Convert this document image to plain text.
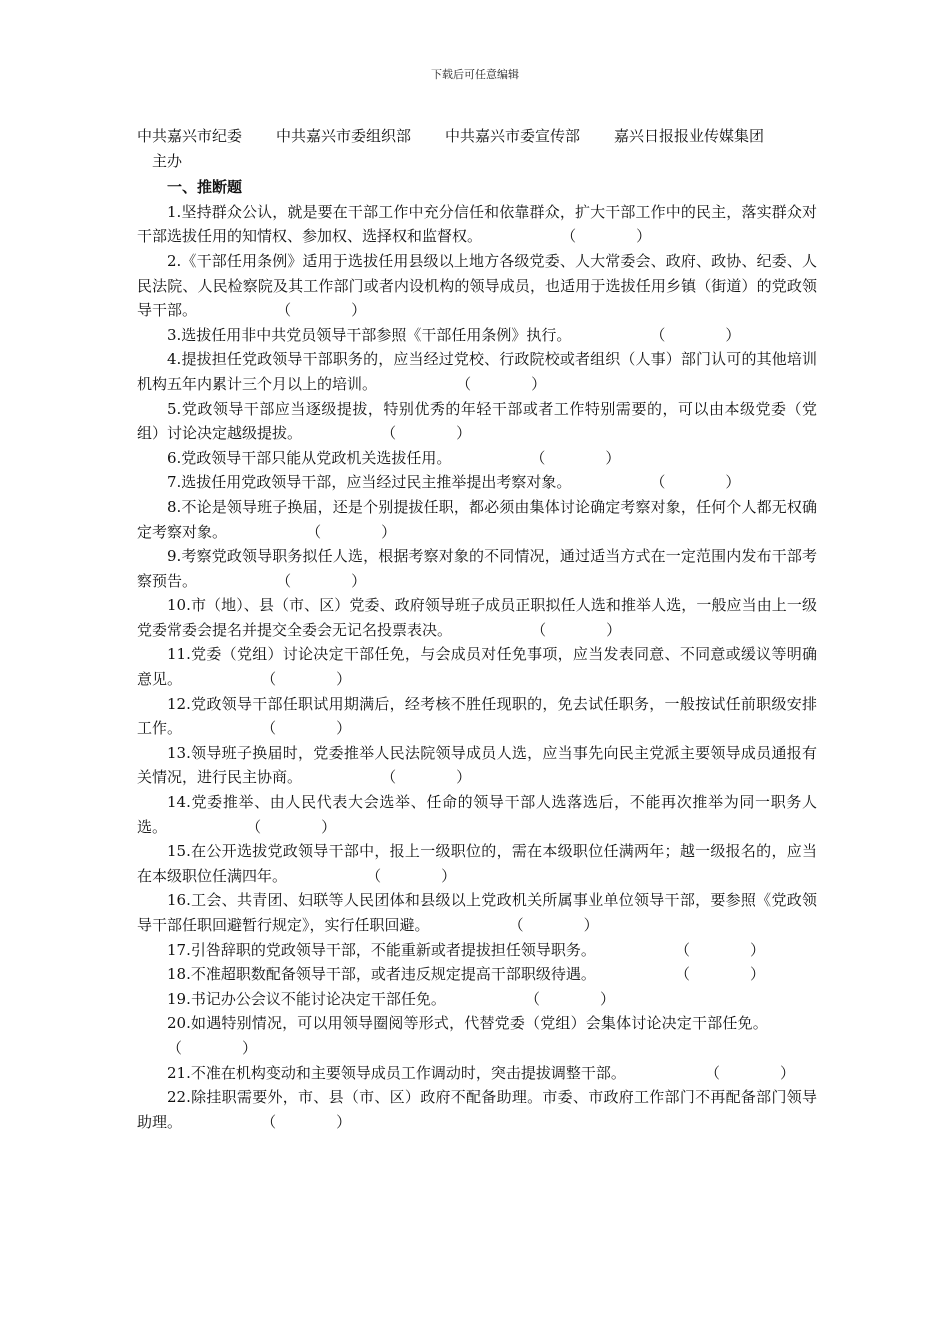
下载后可任意编辑
中共嘉兴市纪委 中共嘉兴市委组织部 中共嘉兴市委宣传部 嘉兴日报报业传媒集团
主办
一、推断题
1.坚持群众公认，就是要在干部工作中充分信任和依靠群众，扩大干部工作中的民主，落实群众对干部选拔任用的知情权、参加权、选择权和监督权。	（　　　　）
2.《干部任用条例》适用于选拔任用县级以上地方各级党委、人大常委会、政府、政协、纪委、人民法院、人民检察院及其工作部门或者内设机构的领导成员，也适用于选拔任用乡镇（街道）的党政领导干部。	（　　　　）
3.选拔任用非中共党员领导干部参照《干部任用条例》执行。	（　　　　）
4.提拔担任党政领导干部职务的，应当经过党校、行政院校或者组织（人事）部门认可的其他培训机构五年内累计三个月以上的培训。	（　　　　）
5.党政领导干部应当逐级提拔，特别优秀的年轻干部或者工作特别需要的，可以由本级党委（党组）讨论决定越级提拔。	（　　　　）
6.党政领导干部只能从党政机关选拔任用。	（　　　　）
7.选拔任用党政领导干部，应当经过民主推举提出考察对象。	（　　　　）
8.不论是领导班子换届，还是个别提拔任职，都必须由集体讨论确定考察对象，任何个人都无权确定考察对象。	（　　　　）
9.考察党政领导职务拟任人选，根据考察对象的不同情况，通过适当方式在一定范围内发布干部考察预告。	（　　　　）
10.市（地）、县（市、区）党委、政府领导班子成员正职拟任人选和推举人选，一般应当由上一级党委常委会提名并提交全委会无记名投票表决。	（　　　　）
11.党委（党组）讨论决定干部任免，与会成员对任免事项，应当发表同意、不同意或缓议等明确意见。	（　　　　）
12.党政领导干部任职试用期满后，经考核不胜任现职的，免去试任职务，一般按试任前职级安排工作。	（　　　　）
13.领导班子换届时，党委推举人民法院领导成员人选，应当事先向民主党派主要领导成员通报有关情况，进行民主协商。	（　　　　）
14.党委推举、由人民代表大会选举、任命的领导干部人选落选后，不能再次推举为同一职务人选。	（　　　　）
15.在公开选拔党政领导干部中，报上一级职位的，需在本级职位任满两年；越一级报名的，应当在本级职位任满四年。	（　　　　）
16.工会、共青团、妇联等人民团体和县级以上党政机关所属事业单位领导干部，要参照《党政领导干部任职回避暂行规定》，实行任职回避。	（　　　　）
17.引咎辞职的党政领导干部，不能重新或者提拔担任领导职务。	（　　　　）
18.不准超职数配备领导干部，或者违反规定提高干部职级待遇。	（　　　　）
19.书记办公会议不能讨论决定干部任免。	（　　　　）
20.如遇特别情况，可以用领导圈阅等形式，代替党委（党组）会集体讨论决定干部任免。    （　　　　）
21.不准在机构变动和主要领导成员工作调动时，突击提拔调整干部。	（　　　　）
22.除挂职需要外，市、县（市、区）政府不配备助理。市委、市政府工作部门不再配备部门领导助理。	（　　　　）
